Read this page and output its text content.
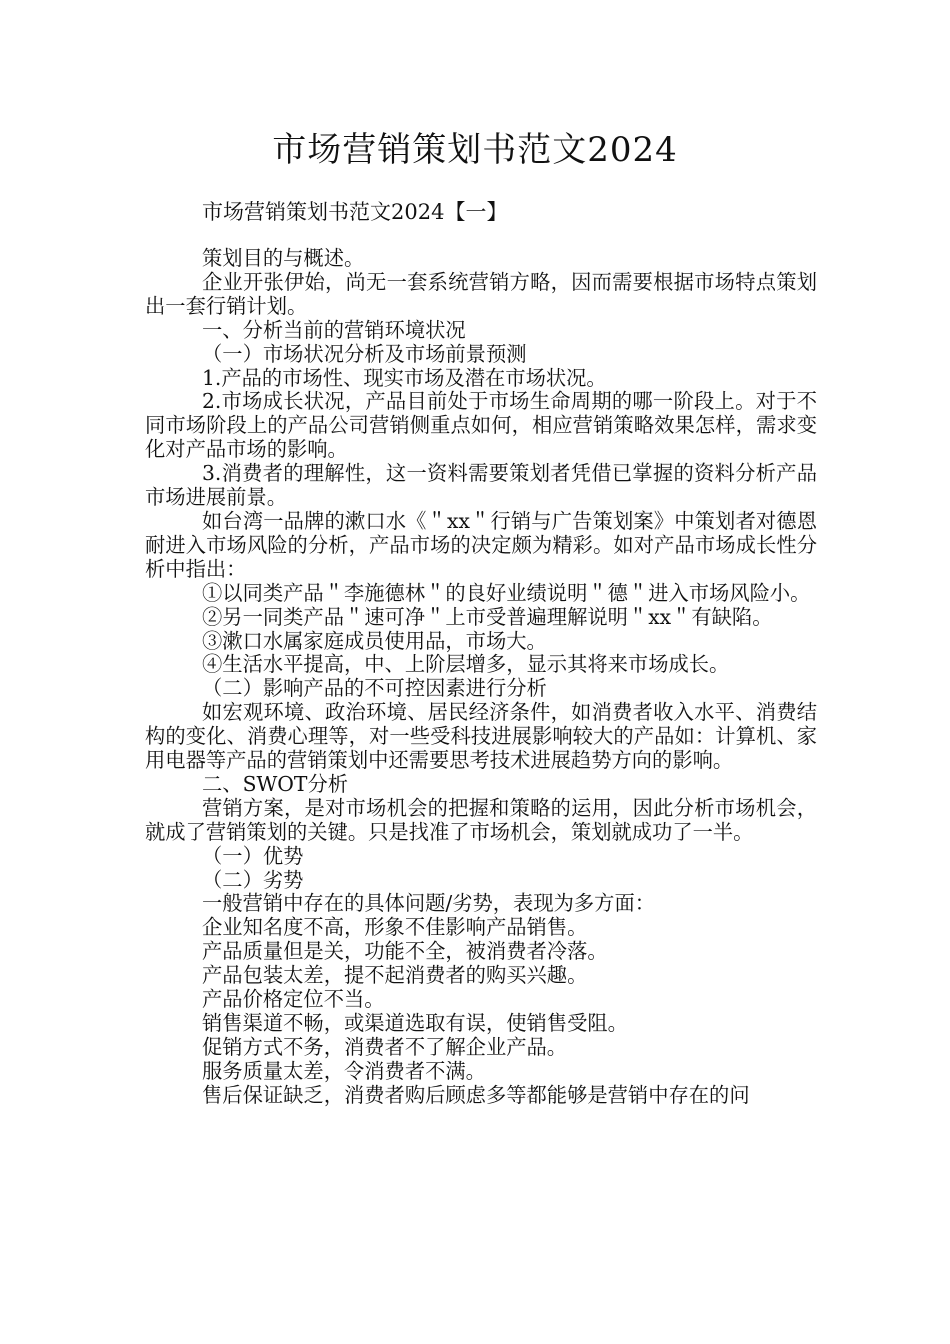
市场营销策划书范文2024
市场营销策划书范文2024【一】

策划目的与概述。

企业开张伊始，尚无一套系统营销方略，因而需要根据市场特点策划出一套行销计划。

一、分析当前的营销环境状况

（一）市场状况分析及市场前景预测

1.产品的市场性、现实市场及潜在市场状况。

2.市场成长状况，产品目前处于市场生命周期的哪一阶段上。对于不同市场阶段上的产品公司营销侧重点如何，相应营销策略效果怎样，需求变化对产品市场的影响。

3.消费者的理解性，这一资料需要策划者凭借已掌握的资料分析产品市场进展前景。

如台湾一品牌的漱口水《＂xx＂行销与广告策划案》中策划者对德恩耐进入市场风险的分析，产品市场的决定颇为精彩。如对产品市场成长性分析中指出：

①以同类产品＂李施德林＂的良好业绩说明＂德＂进入市场风险小。

②另一同类产品＂速可净＂上市受普遍理解说明＂xx＂有缺陷。

③漱口水属家庭成员使用品，市场大。

④生活水平提高，中、上阶层增多，显示其将来市场成长。

（二）影响产品的不可控因素进行分析

如宏观环境、政治环境、居民经济条件，如消费者收入水平、消费结构的变化、消费心理等，对一些受科技进展影响较大的产品如：计算机、家用电器等产品的营销策划中还需要思考技术进展趋势方向的影响。

二、SWOT分析

营销方案，是对市场机会的把握和策略的运用，因此分析市场机会，就成了营销策划的关键。只是找准了市场机会，策划就成功了一半。

（一）优势

（二）劣势

一般营销中存在的具体问题/劣势，表现为多方面：

企业知名度不高，形象不佳影响产品销售。

产品质量但是关，功能不全，被消费者冷落。

产品包装太差，提不起消费者的购买兴趣。

产品价格定位不当。

销售渠道不畅，或渠道选取有误，使销售受阻。

促销方式不务，消费者不了解企业产品。

服务质量太差，令消费者不满。

售后保证缺乏，消费者购后顾虑多等都能够是营销中存在的问
